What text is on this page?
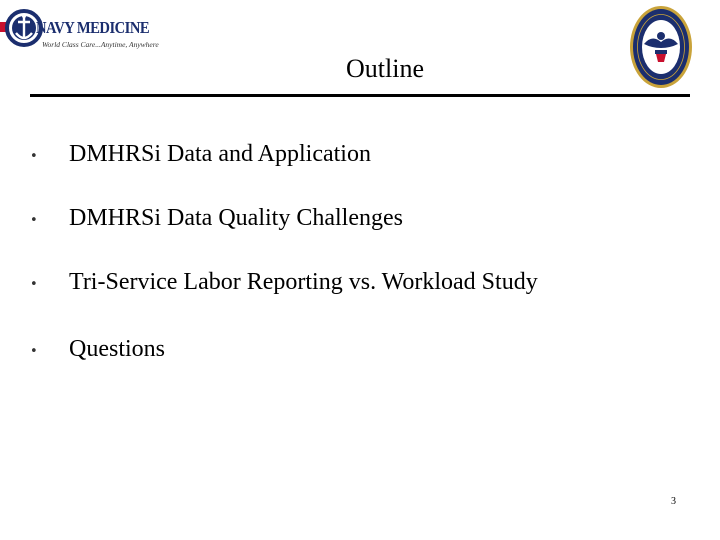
NAVY MEDICINE
World Class Care...Anytime, Anywhere
Outline
• DMHRSi Data and Application
• DMHRSi Data Quality Challenges
• Tri-Service Labor Reporting vs. Workload Study
• Questions
3
